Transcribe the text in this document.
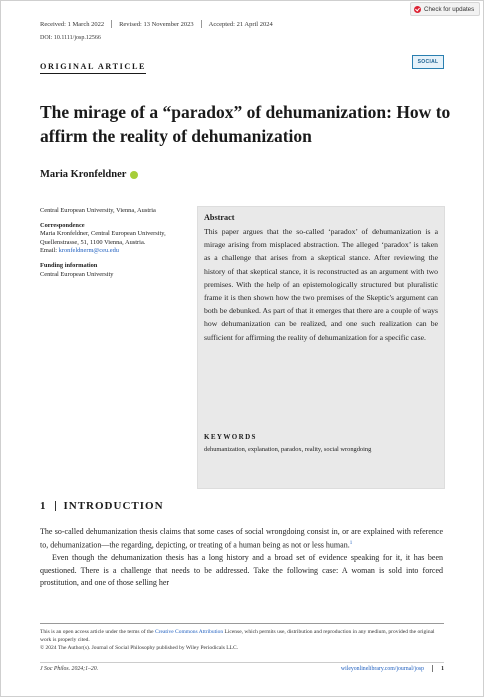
Check for updates
Received: 1 March 2022 Revised: 13 November 2023 Accepted: 21 April 2024
DOI: 10.1111/josp.12566
ORIGINAL ARTICLE	SOCIAL
The mirage of a “paradox” of dehumanization: How to affirm the reality of dehumanization
Maria Kronfeldner
Central European University, Vienna, Austria
Correspondence
Maria Kronfeldner, Central European University, Quellenstrasse, 51, 1100 Vienna, Austria.
Email: kronfeldnerm@ceu.edu
Funding information
Central European University
Abstract
This paper argues that the so-called ‘paradox’ of dehumanization is a mirage arising from misplaced abstraction. The alleged ‘paradox’ is taken as a challenge that arises from a skeptical stance. After reviewing the history of that skeptical stance, it is reconstructed as an argument with two premises. With the help of an epistemologically structured but pluralistic frame it is then shown how the two premises of the Skeptic's argument can both be debunked. As part of that it emerges that there are a couple of ways how dehumanization can be realized, and one such realization can be sufficient for affirming the reality of dehumanization for a specific case.
KEYWORDS
dehumanization, explanation, paradox, reality, social wrongdoing
1 INTRODUCTION

The so-called dehumanization thesis claims that some cases of social wrongdoing consist in, or are explained with reference to, dehumanization—the regarding, depicting, or treating of a human being as not or less human.$^1$

Even though the dehumanization thesis has a long history and a broad set of evidence speaking for it, it has been questioned. There is a challenge that needs to be addressed. Take the following case: A woman is sold into forced prostitution, and one of those selling her

This is an open access article under the terms of the Creative Commons Attribution License, which permits use, distribution and reproduction in any medium, provided the original work is properly cited.
© 2024 The Author(s). Journal of Social Philosophy published by Wiley Periodicals LLC.
J Soc Philos. 2024;1–20.	wileyonlinelibrary.com/journal/josp	1
